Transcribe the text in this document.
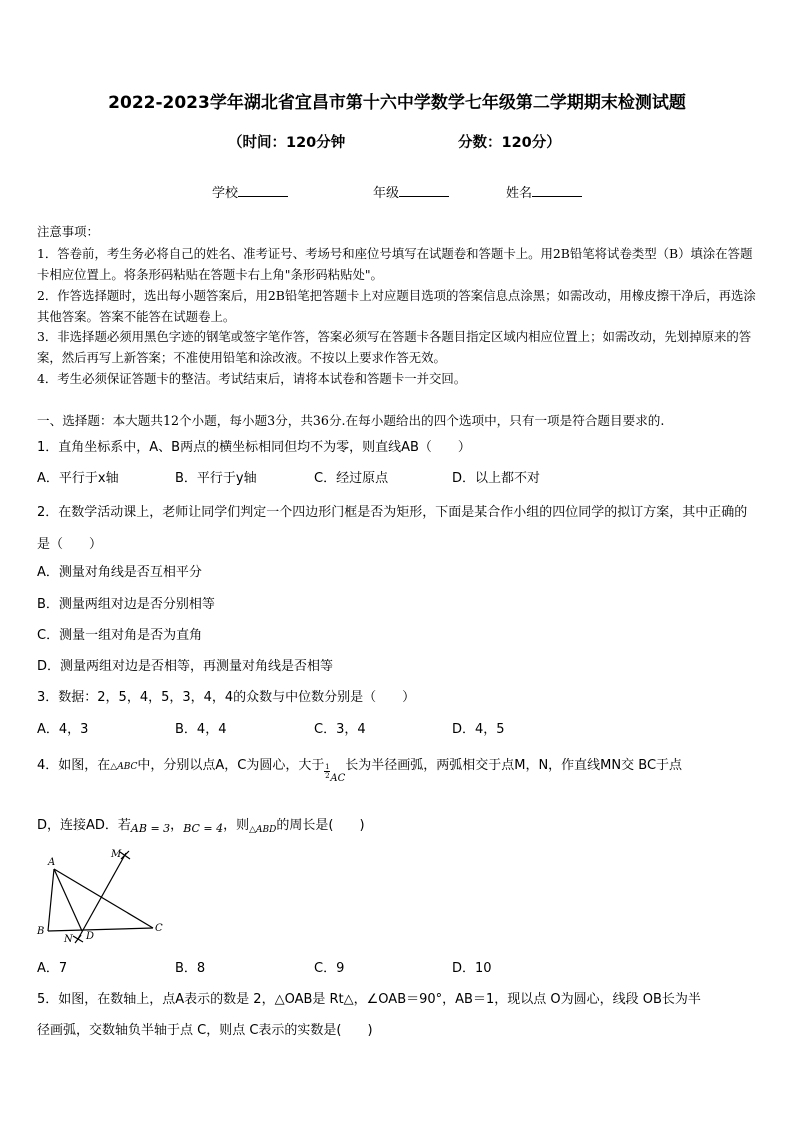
2022-2023学年湖北省宜昌市第十六中学数学七年级第二学期期末检测试题
（时间：120分钟	分数：120分）
学校	年级	姓名
注意事项：
1．答卷前，考生务必将自己的姓名、准考证号、考场号和座位号填写在试题卷和答题卡上。用2B铅笔将试卷类型（B）填涂在答题卡相应位置上。将条形码粘贴在答题卡右上角"条形码粘贴处"。
2．作答选择题时，选出每小题答案后，用2B铅笔把答题卡上对应题目选项的答案信息点涂黑；如需改动，用橡皮擦干净后，再选涂其他答案。答案不能答在试题卷上。
3．非选择题必须用黑色字迹的钢笔或签字笔作答，答案必须写在答题卡各题目指定区域内相应位置上；如需改动，先划掉原来的答案，然后再写上新答案；不准使用铅笔和涂改液。不按以上要求作答无效。
4．考生必须保证答题卡的整洁。考试结束后，请将本试卷和答题卡一并交回。
一、选择题：本大题共12个小题，每小题3分，共36分.在每小题给出的四个选项中，只有一项是符合题目要求的.
1．直角坐标系中，A、B两点的横坐标相同但均不为零，则直线AB（　　）
A．平行于x轴	B．平行于y轴	C．经过原点	D．以上都不对
2．在数学活动课上，老师让同学们判定一个四边形门框是否为矩形，下面是某合作小组的四位同学的拟订方案，其中正确的是（　　）
A．测量对角线是否互相平分
B．测量两组对边是否分别相等
C．测量一组对角是否为直角
D．测量两组对边是否相等，再测量对角线是否相等
3．数据：2，5，4，5，3，4，4的众数与中位数分别是（　　）
A．4，3	B．4，4	C．3，4	D．4，5
4．如图，在△ABC中，分别以点A，C为圆心，大于 $\frac{1}{2} _{AC}$长为半径画弧，两弧相交于点M，N，作直线MN交 BC于点
D，连接AD．若$_{AB = 3}$，$_{BC = 4}$，则$_{\triangle ABD}$的周长是(　　)
A
B	C
D
M
N
A．7	B．8	C．9	D．10
5．如图，在数轴上，点A表示的数是 2，△OAB是 Rt△，∠OAB＝90°，AB＝1，现以点 O为圆心，线段 OB长为半
径画弧，交数轴负半轴于点 C，则点 C表示的实数是(　　)
